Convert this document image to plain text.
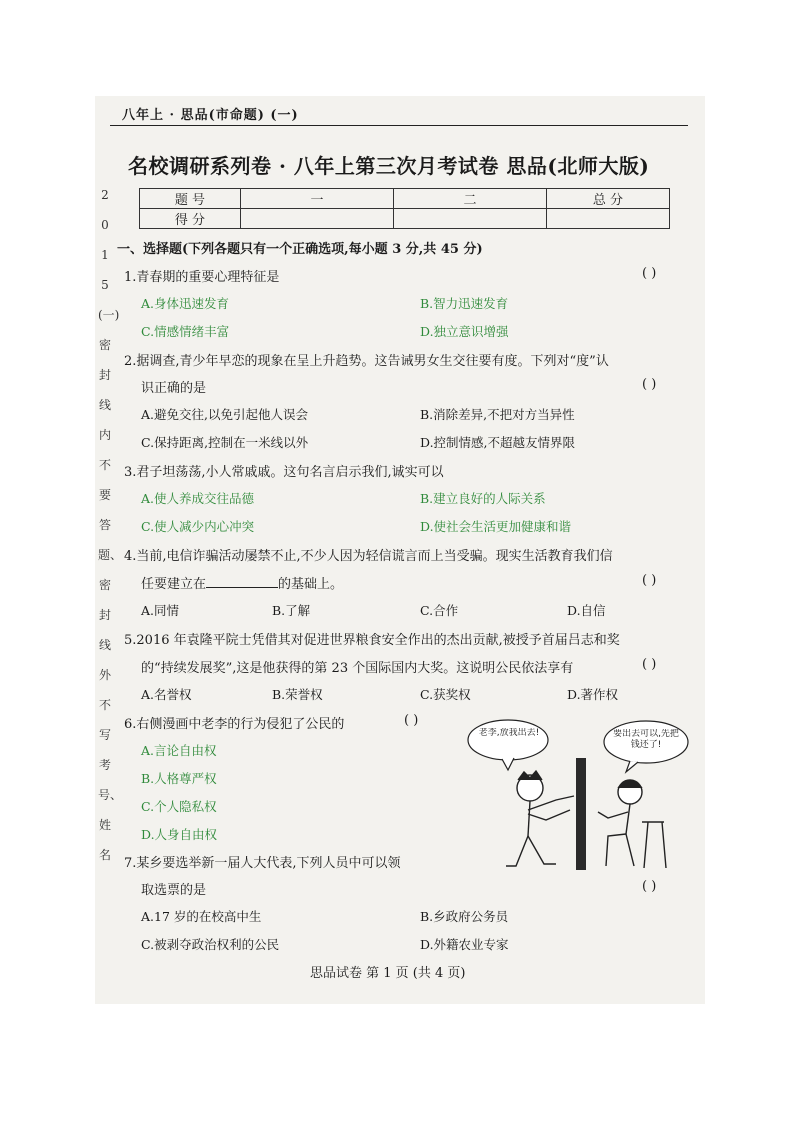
八年上 · 思品(市命题) (一)
名校调研系列卷 · 八年上第三次月考试卷 思品(北师大版)
题 号	一	二	总 分
得 分			
2015(一)密封线内不要答题、密封线外不写考号、姓名
一、选择题(下列各题只有一个正确选项,每小题 3 分,共 45 分)
1.青春期的重要心理特征是	( )
A.身体迅速发育	B.智力迅速发育
C.情感情绪丰富	D.独立意识增强
2.据调查,青少年早恋的现象在呈上升趋势。这告诫男女生交往要有度。下列对“度”认
识正确的是	( )
A.避免交往,以免引起他人误会	B.消除差异,不把对方当异性
C.保持距离,控制在一米线以外	D.控制情感,不超越友情界限
3.君子坦荡荡,小人常戚戚。这句名言启示我们,诚实可以
A.使人养成交往品德	B.建立良好的人际关系
C.使人减少内心冲突	D.使社会生活更加健康和谐
4.当前,电信诈骗活动屡禁不止,不少人因为轻信谎言而上当受骗。现实生活教育我们信
任要建立在	的基础上。	( )
A.同情	B.了解	C.合作	D.自信
5.2016 年袁隆平院士凭借其对促进世界粮食安全作出的杰出贡献,被授予首届吕志和奖
的“持续发展奖”,这是他获得的第 23 个国际国内大奖。这说明公民依法享有	( )
A.名誉权	B.荣誉权	C.获奖权	D.著作权
6.右侧漫画中老李的行为侵犯了公民的	( )
A.言论自由权
B.人格尊严权
C.个人隐私权
D.人身自由权
老李,放我出去!	要出去可以,先把钱还了!
7.某乡要选举新一届人大代表,下列人员中可以领
取选票的是	( )
A.17 岁的在校高中生	B.乡政府公务员
C.被剥夺政治权利的公民	D.外籍农业专家
思品试卷 第 1 页 (共 4 页)
